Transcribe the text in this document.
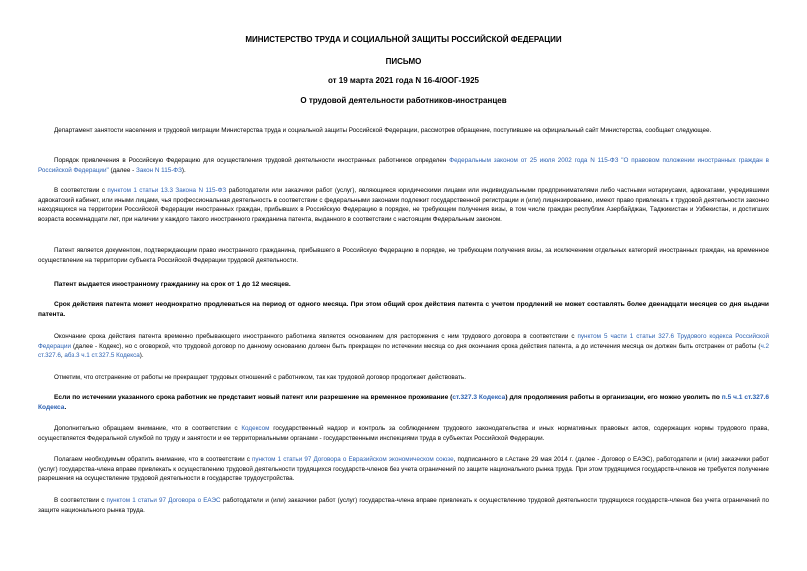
МИНИСТЕРСТВО ТРУДА И СОЦИАЛЬНОЙ ЗАЩИТЫ РОССИЙСКОЙ ФЕДЕРАЦИИ
ПИСЬМО
от 19 марта 2021 года N 16-4/ООГ-1925
О трудовой деятельности работников-иностранцев

Департамент занятости населения и трудовой миграции Министерства труда и социальной защиты Российской Федерации, рассмотрев обращение, поступившее на официальный сайт Министерства, сообщает следующее.

Порядок привлечения в Российскую Федерацию для осуществления трудовой деятельности иностранных работников определен Федеральным законом от 25 июля 2002 года N 115-ФЗ "О правовом положении иностранных граждан в Российской Федерации" (далее - Закон N 115-ФЗ).

В соответствии с пунктом 1 статьи 13.3 Закона N 115-ФЗ работодатели или заказчики работ (услуг), являющиеся юридическими лицами или индивидуальными предпринимателями либо частными нотариусами, адвокатами, учредившими адвокатский кабинет, или иными лицами, чья профессиональная деятельность в соответствии с федеральными законами подлежит государственной регистрации и (или) лицензированию, имеют право привлекать к трудовой деятельности законно находящихся на территории Российской Федерации иностранных граждан, прибывших в Российскую Федерацию в порядке, не требующем получения визы, в том числе граждан республик Азербайджан, Таджикистан и Узбекистан, и достигших возраста восемнадцати лет, при наличии у каждого такого иностранного гражданина патента, выданного в соответствии с настоящим Федеральным законом.

Патент является документом, подтверждающим право иностранного гражданина, прибывшего в Российскую Федерацию в порядке, не требующем получения визы, за исключением отдельных категорий иностранных граждан, на временное осуществление на территории субъекта Российской Федерации трудовой деятельности.

Патент выдается иностранному гражданину на срок от 1 до 12 месяцев.

Срок действия патента может неоднократно продлеваться на период от одного месяца. При этом общий срок действия патента с учетом продлений не может составлять более двенадцати месяцев со дня выдачи патента.

Окончание срока действия патента временно пребывающего иностранного работника является основанием для расторжения с ним трудового договора в соответствии с пунктом 5 части 1 статьи 327.6 Трудового кодекса Российской Федерации (далее - Кодекс), но с оговоркой, что трудовой договор по данному основанию должен быть прекращен по истечении месяца со дня окончания срока действия патента, а до истечения месяца он должен быть отстранен от работы (ч.2 ст.327.6, абз.3 ч.1 ст.327.5 Кодекса).

Отметим, что отстранение от работы не прекращает трудовых отношений с работником, так как трудовой договор продолжает действовать.

Если по истечении указанного срока работник не представит новый патент или разрешение на временное проживание (ст.327.3 Кодекса) для продолжения работы в организации, его можно уволить по п.5 ч.1 ст.327.6 Кодекса.

Дополнительно обращаем внимание, что в соответствии с Кодексом государственный надзор и контроль за соблюдением трудового законодательства и иных нормативных правовых актов, содержащих нормы трудового права, осуществляется Федеральной службой по труду и занятости и ее территориальными органами - государственными инспекциями труда в субъектах Российской Федерации.

Полагаем необходимым обратить внимание, что в соответствии с пунктом 1 статьи 97 Договора о Евразийском экономическом союзе, подписанного в г.Астане 29 мая 2014 г. (далее - Договор о ЕАЭС), работодатели и (или) заказчики работ (услуг) государства-члена вправе привлекать к осуществлению трудовой деятельности трудящихся государств-членов без учета ограничений по защите национального рынка труда. При этом трудящимся государств-членов не требуется получение разрешения на осуществление трудовой деятельности в государстве трудоустройства.

В соответствии с пунктом 1 статьи 97 Договора о ЕАЭС работодатели и (или) заказчики работ (услуг) государства-члена вправе привлекать к осуществлению трудовой деятельности трудящихся государств-членов без учета ограничений по защите национального рынка труда.
